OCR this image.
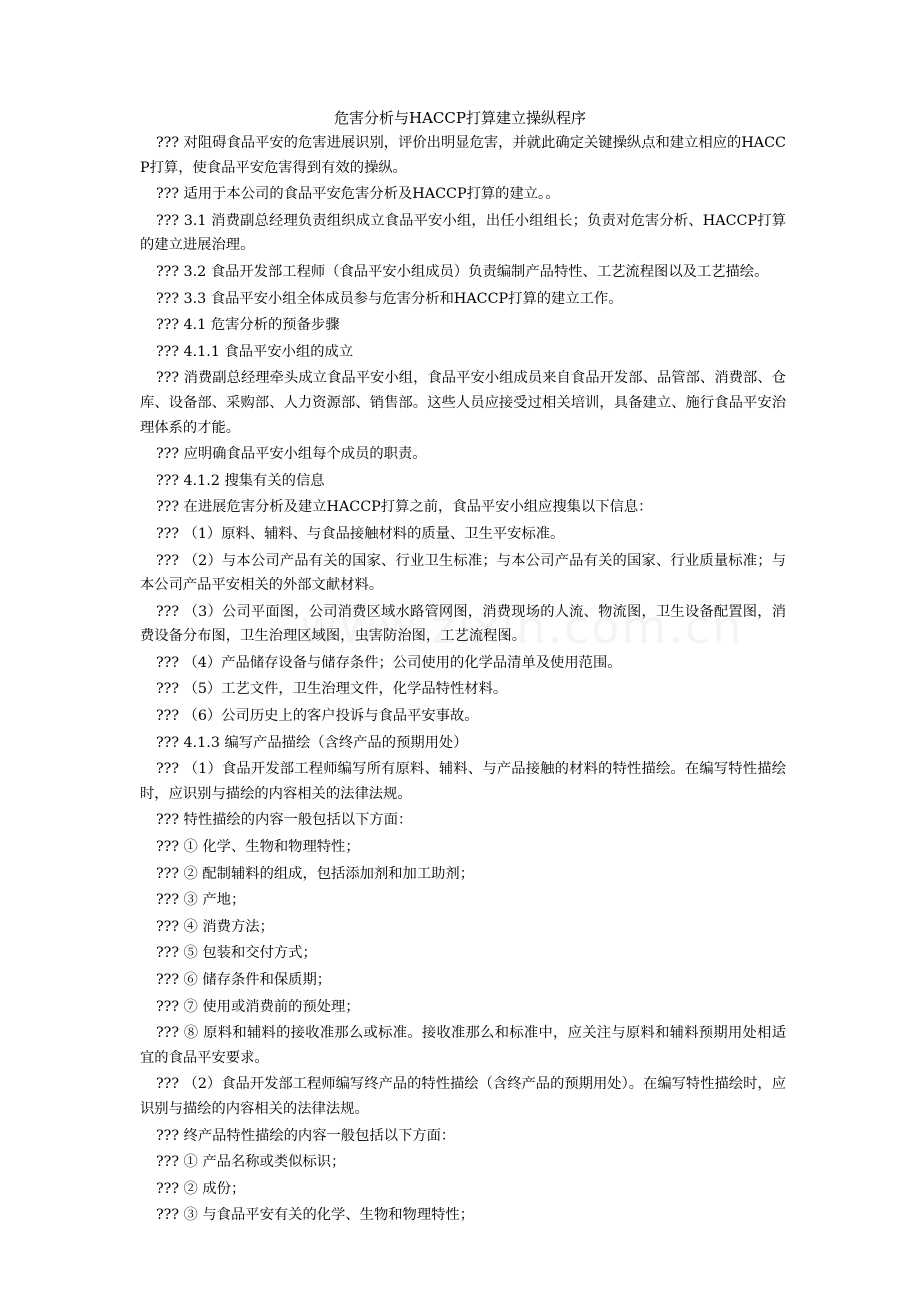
危害分析与HACCP打算建立操纵程序

??? 对阻碍食品平安的危害进展识别，评价出明显危害，并就此确定关键操纵点和建立相应的HACCP打算，使食品平安危害得到有效的操纵。

??? 适用于本公司的食品平安危害分析及HACCP打算的建立。。

??? 3.1 消费副总经理负责组织成立食品平安小组，出任小组组长；负责对危害分析、HACCP打算的建立进展治理。

??? 3.2 食品开发部工程师（食品平安小组成员）负责编制产品特性、工艺流程图以及工艺描绘。

??? 3.3 食品平安小组全体成员参与危害分析和HACCP打算的建立工作。

??? 4.1 危害分析的预备步骤

??? 4.1.1 食品平安小组的成立

??? 消费副总经理牵头成立食品平安小组，食品平安小组成员来自食品开发部、品管部、消费部、仓库、设备部、采购部、人力资源部、销售部。这些人员应接受过相关培训，具备建立、施行食品平安治理体系的才能。

??? 应明确食品平安小组每个成员的职责。

??? 4.1.2 搜集有关的信息

??? 在进展危害分析及建立HACCP打算之前，食品平安小组应搜集以下信息：

??? （1）原料、辅料、与食品接触材料的质量、卫生平安标准。

??? （2）与本公司产品有关的国家、行业卫生标准；与本公司产品有关的国家、行业质量标准；与本公司产品平安相关的外部文献材料。

??? （3）公司平面图，公司消费区域水路管网图，消费现场的人流、物流图，卫生设备配置图，消费设备分布图，卫生治理区域图，虫害防治图，工艺流程图。

??? （4）产品储存设备与储存条件；公司使用的化学品清单及使用范围。

??? （5）工艺文件，卫生治理文件，化学品特性材料。

??? （6）公司历史上的客户投诉与食品平安事故。

??? 4.1.3 编写产品描绘（含终产品的预期用处）

??? （1）食品开发部工程师编写所有原料、辅料、与产品接触的材料的特性描绘。在编写特性描绘时，应识别与描绘的内容相关的法律法规。

??? 特性描绘的内容一般包括以下方面：

??? ① 化学、生物和物理特性；

??? ② 配制辅料的组成，包括添加剂和加工助剂；

??? ③ 产地；

??? ④ 消费方法；

??? ⑤ 包装和交付方式；

??? ⑥ 储存条件和保质期；

??? ⑦ 使用或消费前的预处理；

??? ⑧ 原料和辅料的接收准那么或标准。接收准那么和标准中，应关注与原料和辅料预期用处相适宜的食品平安要求。

??? （2）食品开发部工程师编写终产品的特性描绘（含终产品的预期用处）。在编写特性描绘时，应识别与描绘的内容相关的法律法规。

??? 终产品特性描绘的内容一般包括以下方面：

??? ① 产品名称或类似标识；

??? ② 成份；

??? ③ 与食品平安有关的化学、生物和物理特性；
